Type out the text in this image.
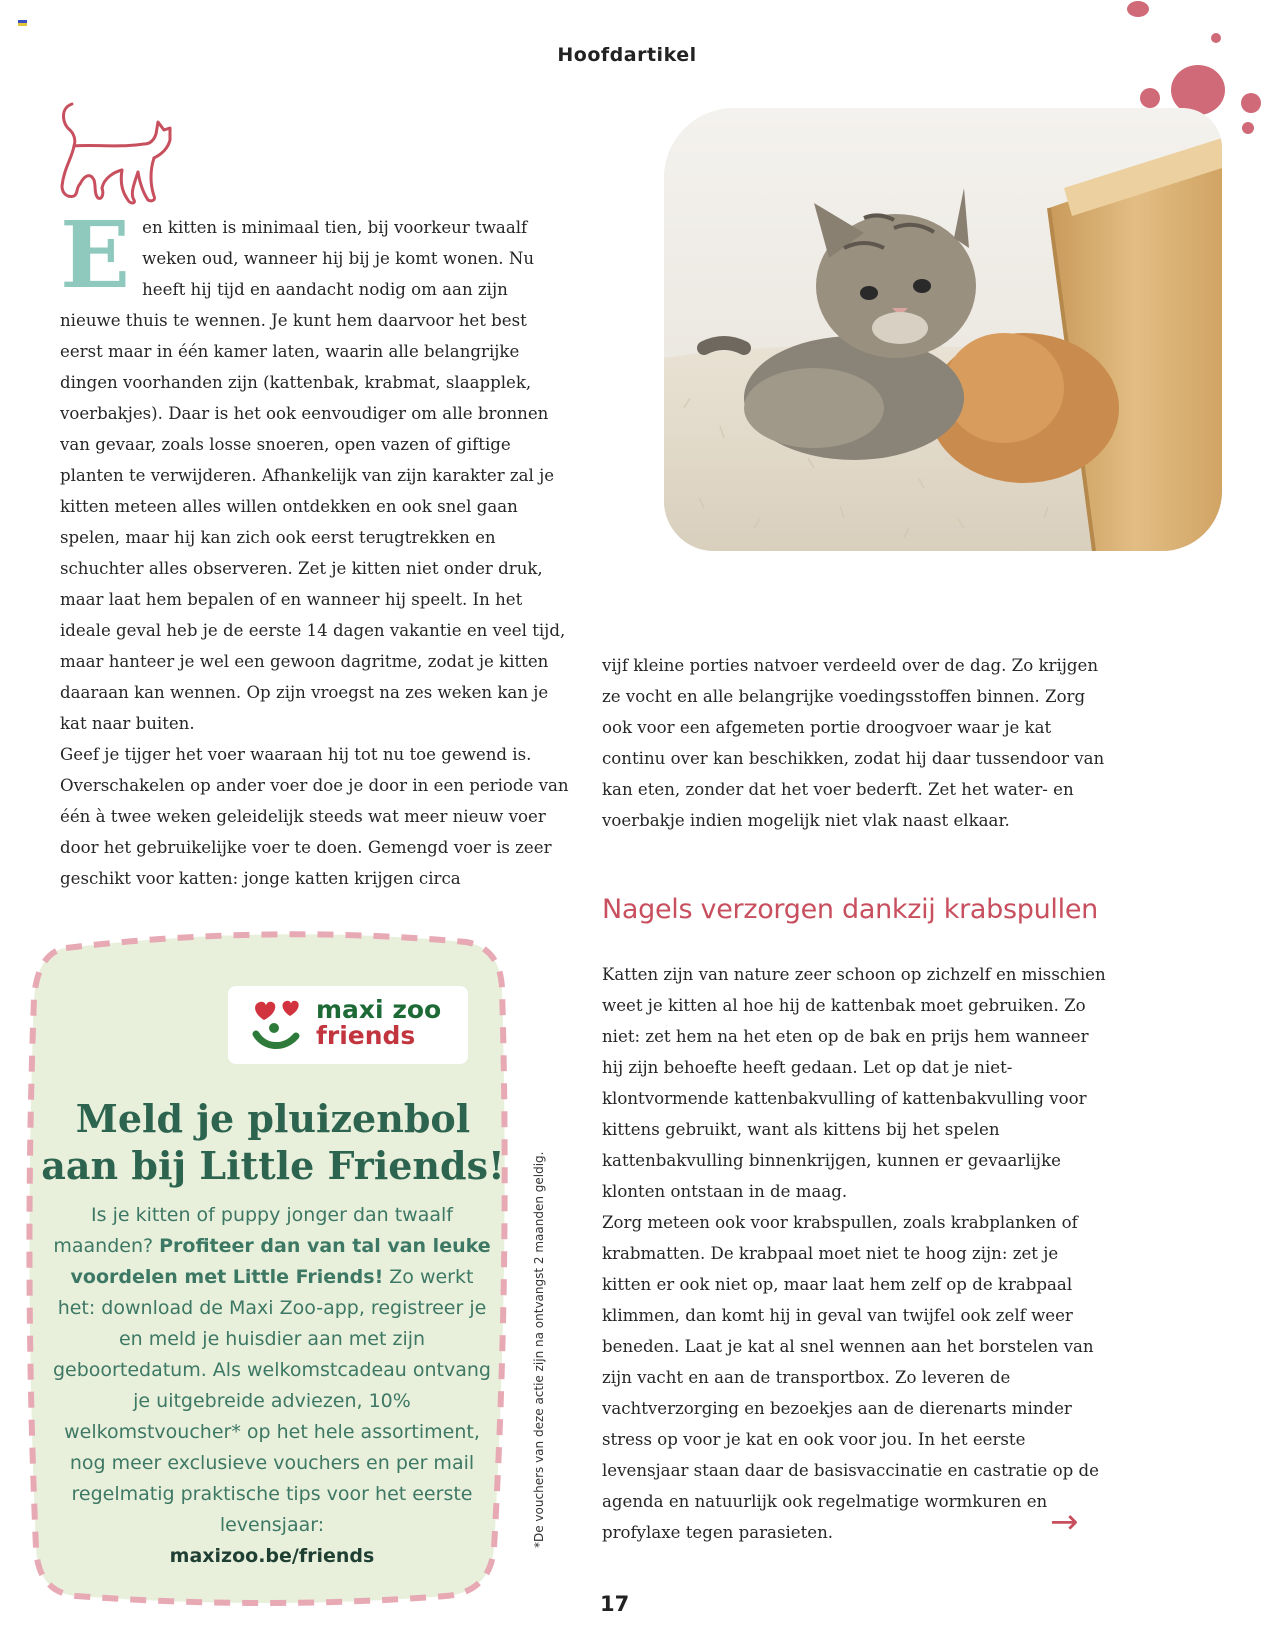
Hoofdartikel
E en kitten is minimaal tien, bij voorkeur twaalf weken oud, wanneer hij bij je komt wonen. Nu heeft hij tijd en aandacht nodig om aan zijn nieuwe thuis te wennen. Je kunt hem daarvoor het best eerst maar in één kamer laten, waarin alle belangrijke dingen voorhanden zijn (kattenbak, krabmat, slaapplek, voerbakjes). Daar is het ook eenvoudiger om alle bronnen van gevaar, zoals losse snoeren, open vazen of giftige planten te verwijderen. Afhankelijk van zijn karakter zal je kitten meteen alles willen ontdekken en ook snel gaan spelen, maar hij kan zich ook eerst terugtrekken en schuchter alles observeren. Zet je kitten niet onder druk, maar laat hem bepalen of en wanneer hij speelt. In het ideale geval heb je de eerste 14 dagen vakantie en veel tijd, maar hanteer je wel een gewoon dagritme, zodat je kitten daaraan kan wennen. Op zijn vroegst na zes weken kan je kat naar buiten.

Geef je tijger het voer waaraan hij tot nu toe gewend is. Overschakelen op ander voer doe je door in een periode van één à twee weken geleidelijk steeds wat meer nieuw voer door het gebruikelijke voer te doen. Gemengd voer is zeer geschikt voor katten: jonge katten krijgen circa

vijf kleine porties natvoer verdeeld over de dag. Zo krijgen ze vocht en alle belangrijke voedingsstoffen binnen. Zorg ook voor een afgemeten portie droogvoer waar je kat continu over kan beschikken, zodat hij daar tussendoor van kan eten, zonder dat het voer bederft. Zet het water- en voerbakje indien mogelijk niet vlak naast elkaar.

Nagels verzorgen dankzij krabspullen

Katten zijn van nature zeer schoon op zichzelf en misschien weet je kitten al hoe hij de kattenbak moet gebruiken. Zo niet: zet hem na het eten op de bak en prijs hem wanneer hij zijn behoefte heeft gedaan. Let op dat je niet-klontvormende kattenbakvulling of kattenbakvulling voor kittens gebruikt, want als kittens bij het spelen kattenbakvulling binnenkrijgen, kunnen er gevaarlijke klonten ontstaan in de maag.

Zorg meteen ook voor krabspullen, zoals krabplanken of krabmatten. De krabpaal moet niet te hoog zijn: zet je kitten er ook niet op, maar laat hem zelf op de krabpaal klimmen, dan komt hij in geval van twijfel ook zelf weer beneden. Laat je kat al snel wennen aan het borstelen van zijn vacht en aan de transportbox. Zo leveren de vachtverzorging en bezoekjes aan de dierenarts minder stress op voor je kat en ook voor jou. In het eerste levensjaar staan daar de basisvaccinatie en castratie op de agenda en natuurlijk ook regelmatige wormkuren en profylaxe tegen parasieten.	→
maxi zoo
friends
Meld je pluizenbol
aan bij Little Friends!
Is je kitten of puppy jonger dan twaalf maanden? Profiteer dan van tal van leuke voordelen met Little Friends! Zo werkt het: download de Maxi Zoo-app, registreer je en meld je huisdier aan met zijn geboortedatum. Als welkomstcadeau ontvang je uitgebreide adviezen, 10% welkomstvoucher* op het hele assortiment, nog meer exclusieve vouchers en per mail regelmatig praktische tips voor het eerste levensjaar:
maxizoo.be/friends
*De vouchers van deze actie zijn na ontvangst 2 maanden geldig.
17
